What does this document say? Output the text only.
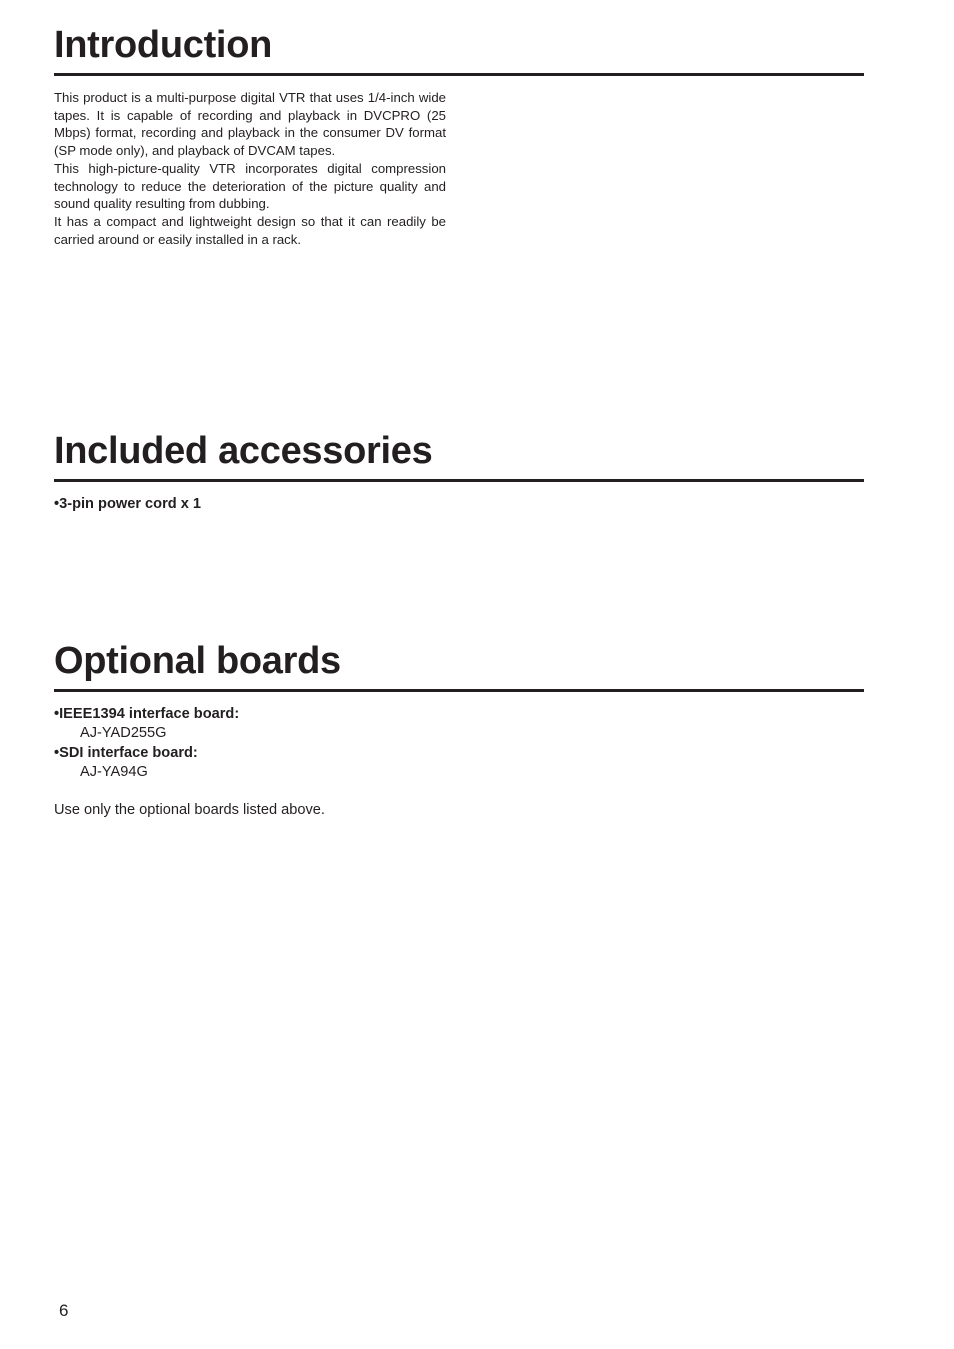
Introduction

This product is a multi-purpose digital VTR that uses 1/4-inch wide tapes. It is capable of recording and playback in DVCPRO (25 Mbps) format, recording and playback in the consumer DV format (SP mode only), and playback of DVCAM tapes.

This high-picture-quality VTR incorporates digital compression technology to reduce the deterioration of the picture quality and sound quality resulting from dubbing.

It has a compact and lightweight design so that it can readily be carried around or easily installed in a rack.

Included accessories
•3-pin power cord x 1
Optional boards
•IEEE1394 interface board:
AJ-YAD255G
•SDI interface board:
AJ-YA94G
Use only the optional boards listed above.
6
